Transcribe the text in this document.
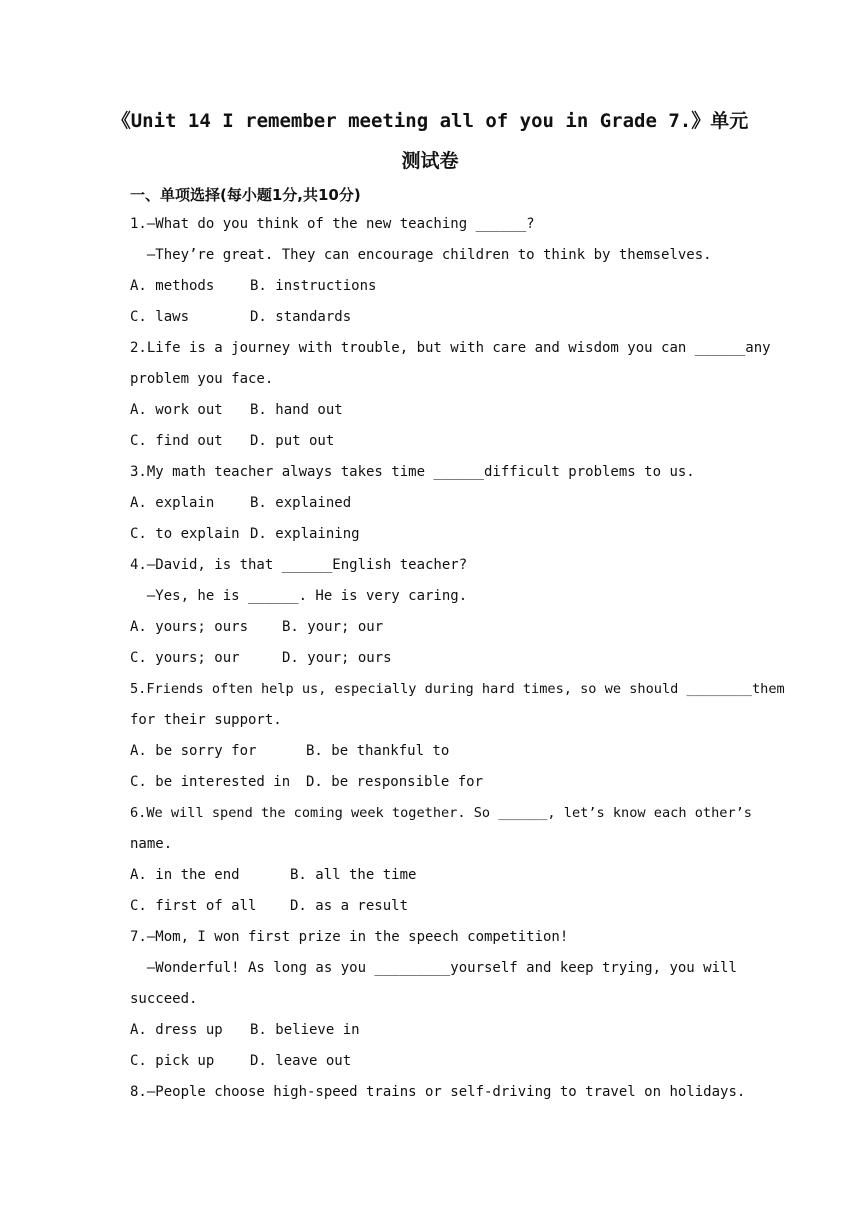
《Unit 14 I remember meeting all of you in Grade 7.》单元
测试卷
一、单项选择(每小题1分,共10分)
1.—What do you think of the new teaching ______?
—They’re great. They can encourage children to think by themselves.
A. methods	B. instructions
C. laws	D. standards
2.Life is a journey with trouble, but with care and wisdom you can ______any
problem you face.
A. work out B. hand out
C. find out D. put out
3.My math teacher always takes time ______difficult problems to us.
A. explain	B. explained
C. to explain D. explaining
4.—David, is that ______English teacher?
—Yes, he is ______. He is very caring.
A. yours; ours B. your; our
C. yours; our	D. your; ours
5.Friends often help us, especially during hard times, so we should ________them
for their support.
A. be sorry for	B. be thankful to
C. be interested in D. be responsible for
6.We will spend the coming week together. So ______, let’s know each other’s
name.
A. in the end	B. all the time
C. first of all D. as a result
7.—Mom, I won first prize in the speech competition!
—Wonderful! As long as you _________yourself and keep trying, you will
succeed.
A. dress up B. believe in
C. pick up	D. leave out
8.—People choose high-speed trains or self-driving to travel on holidays.
